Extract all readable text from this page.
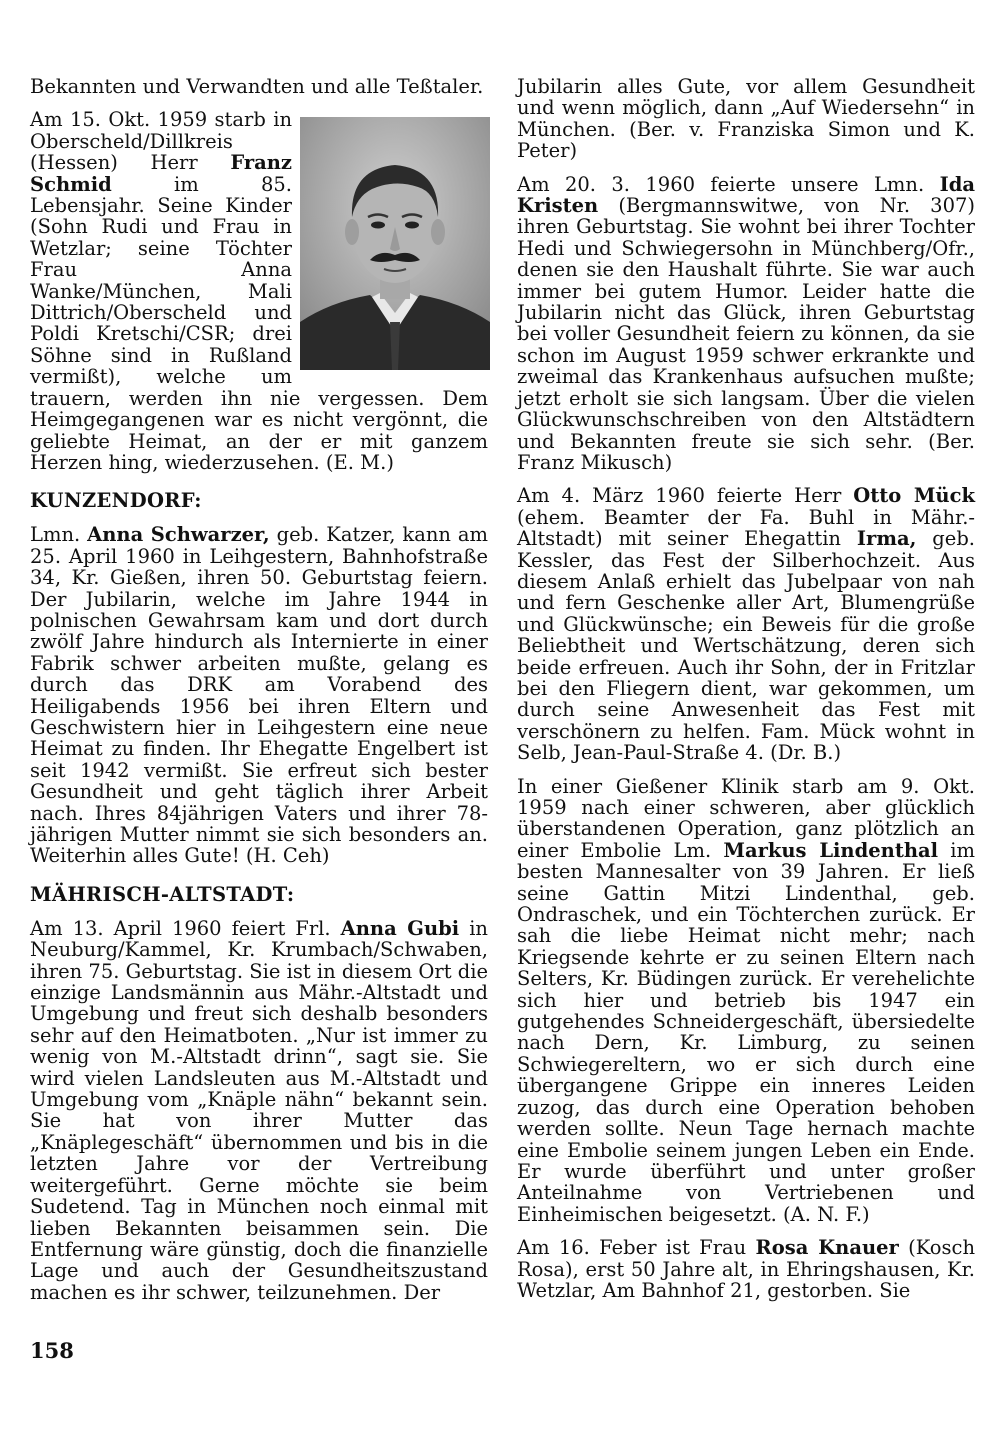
Bekannten und Verwandten und alle Teßtaler.

Am 15. Okt. 1959 starb in Oberscheld/Dillkreis (Hessen) Herr Franz Schmid im 85. Lebensjahr. Seine Kinder (Sohn Rudi und Frau in Wetzlar; seine Töchter Frau Anna Wanke/München, Mali Dittrich/Oberscheld und Poldi Kretschi/CSR; drei Söhne sind in Rußland vermißt), welche um trauern, werden ihn nie vergessen. Dem Heimgegangenen war es nicht vergönnt, die geliebte Heimat, an der er mit ganzem Herzen hing, wiederzusehen. (E. M.)

KUNZENDORF:

Lmn. Anna Schwarzer, geb. Katzer, kann am 25. April 1960 in Leihgestern, Bahnhofstraße 34, Kr. Gießen, ihren 50. Geburtstag feiern. Der Jubilarin, welche im Jahre 1944 in polnischen Gewahrsam kam und dort durch zwölf Jahre hindurch als Internierte in einer Fabrik schwer arbeiten mußte, gelang es durch das DRK am Vorabend des Heiligabends 1956 bei ihren Eltern und Geschwistern hier in Leihgestern eine neue Heimat zu finden. Ihr Ehegatte Engelbert ist seit 1942 vermißt. Sie erfreut sich bester Gesundheit und geht täglich ihrer Arbeit nach. Ihres 84jährigen Vaters und ihrer 78-jährigen Mutter nimmt sie sich besonders an. Weiterhin alles Gute! (H. Ceh)

MÄHRISCH-ALTSTADT:

Am 13. April 1960 feiert Frl. Anna Gubi in Neuburg/Kammel, Kr. Krumbach/Schwaben, ihren 75. Geburtstag. Sie ist in diesem Ort die einzige Landsmännin aus Mähr.-Altstadt und Umgebung und freut sich deshalb besonders sehr auf den Heimatboten. „Nur ist immer zu wenig von M.-Altstadt drinn“, sagt sie. Sie wird vielen Landsleuten aus M.-Altstadt und Umgebung vom „Knäple nähn“ bekannt sein. Sie hat von ihrer Mutter das „Knäplegeschäft“ übernommen und bis in die letzten Jahre vor der Vertreibung weitergeführt. Gerne möchte sie beim Sudetend. Tag in München noch einmal mit lieben Bekannten beisammen sein. Die Entfernung wäre günstig, doch die finanzielle Lage und auch der Gesundheitszustand machen es ihr schwer, teilzunehmen. Der

Jubilarin alles Gute, vor allem Gesundheit und wenn möglich, dann „Auf Wiedersehn“ in München. (Ber. v. Franziska Simon und K. Peter)

Am 20. 3. 1960 feierte unsere Lmn. Ida Kristen (Bergmannswitwe, von Nr. 307) ihren Geburtstag. Sie wohnt bei ihrer Tochter Hedi und Schwiegersohn in Münchberg/Ofr., denen sie den Haushalt führte. Sie war auch immer bei gutem Humor. Leider hatte die Jubilarin nicht das Glück, ihren Geburtstag bei voller Gesundheit feiern zu können, da sie schon im August 1959 schwer erkrankte und zweimal das Krankenhaus aufsuchen mußte; jetzt erholt sie sich langsam. Über die vielen Glückwunschschreiben von den Altstädtern und Bekannten freute sie sich sehr. (Ber. Franz Mikusch)

Am 4. März 1960 feierte Herr Otto Mück (ehem. Beamter der Fa. Buhl in Mähr.-Altstadt) mit seiner Ehegattin Irma, geb. Kessler, das Fest der Silberhochzeit. Aus diesem Anlaß erhielt das Jubelpaar von nah und fern Geschenke aller Art, Blumengrüße und Glückwünsche; ein Beweis für die große Beliebtheit und Wertschätzung, deren sich beide erfreuen. Auch ihr Sohn, der in Fritzlar bei den Fliegern dient, war gekommen, um durch seine Anwesenheit das Fest mit verschönern zu helfen. Fam. Mück wohnt in Selb, Jean-Paul-Straße 4. (Dr. B.)

In einer Gießener Klinik starb am 9. Okt. 1959 nach einer schweren, aber glücklich überstandenen Operation, ganz plötzlich an einer Embolie Lm. Markus Lindenthal im besten Mannesalter von 39 Jahren. Er ließ seine Gattin Mitzi Lindenthal, geb. Ondraschek, und ein Töchterchen zurück. Er sah die liebe Heimat nicht mehr; nach Kriegsende kehrte er zu seinen Eltern nach Selters, Kr. Büdingen zurück. Er verehelichte sich hier und betrieb bis 1947 ein gutgehendes Schneidergeschäft, übersiedelte nach Dern, Kr. Limburg, zu seinen Schwiegereltern, wo er sich durch eine übergangene Grippe ein inneres Leiden zuzog, das durch eine Operation behoben werden sollte. Neun Tage hernach machte eine Embolie seinem jungen Leben ein Ende. Er wurde überführt und unter großer Anteilnahme von Vertriebenen und Einheimischen beigesetzt. (A. N. F.)

Am 16. Feber ist Frau Rosa Knauer (Kosch Rosa), erst 50 Jahre alt, in Ehringshausen, Kr. Wetzlar, Am Bahnhof 21, gestorben. Sie

158
